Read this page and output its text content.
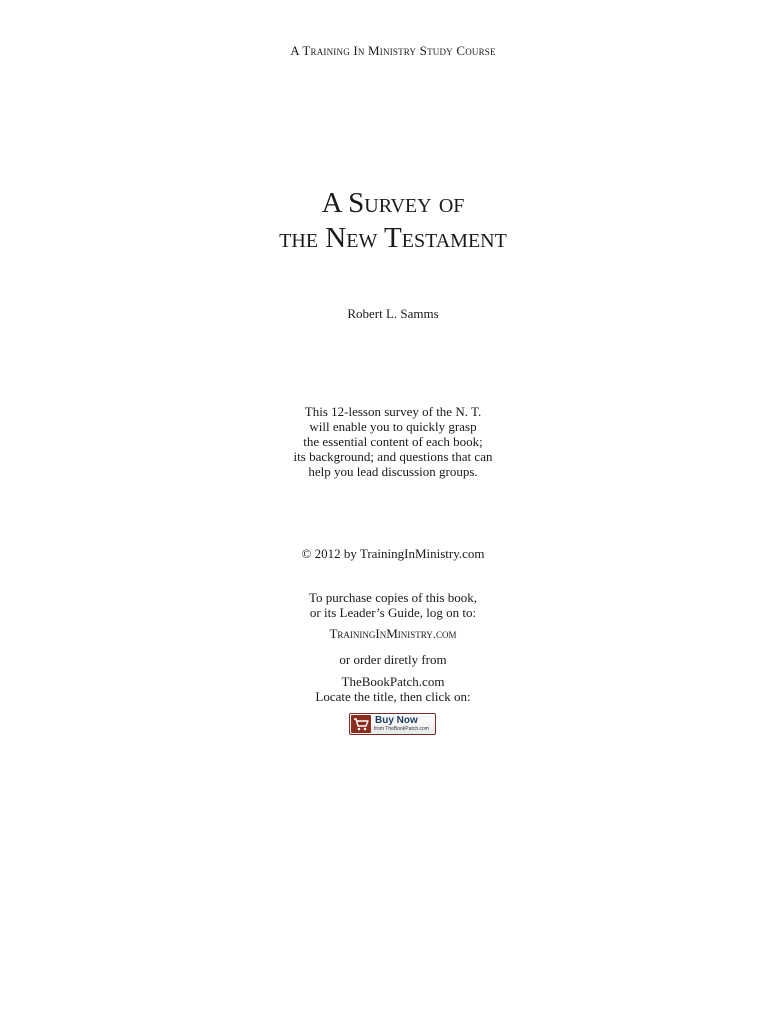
A Training In Ministry Study Course
A Survey of
the New Testament
Robert L. Samms
This 12-lesson survey of the N. T.
will enable you to quickly grasp
the essential content of each book;
its background; and questions that can
help you lead discussion groups.
© 2012 by TrainingInMinistry.com
To purchase copies of this book,
or its Leader’s Guide, log on to:
TrainingInMinistry.com
or order diretly from
TheBookPatch.com
Locate the title, then click on:
Buy Now
from TheBookPatch.com
